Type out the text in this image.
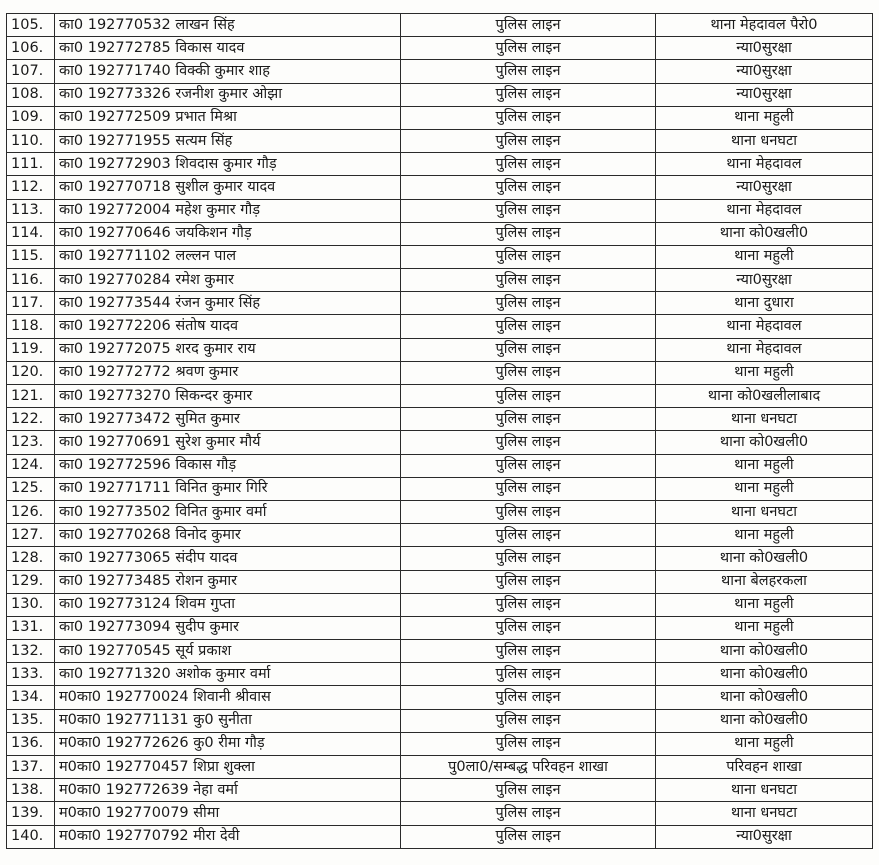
105.	का0 192770532 लाखन सिंह	पुलिस लाइन	थाना मेहदावल पैरो0
106.	का0 192772785 विकास यादव	पुलिस लाइन	न्या0सुरक्षा
107.	का0 192771740 विक्की कुमार शाह	पुलिस लाइन	न्या0सुरक्षा
108.	का0 192773326 रजनीश कुमार ओझा	पुलिस लाइन	न्या0सुरक्षा
109.	का0 192772509 प्रभात मिश्रा	पुलिस लाइन	थाना महुली
110.	का0 192771955 सत्यम सिंह	पुलिस लाइन	थाना धनघटा
111.	का0 192772903 शिवदास कुमार गौड़	पुलिस लाइन	थाना मेहदावल
112.	का0 192770718 सुशील कुमार यादव	पुलिस लाइन	न्या0सुरक्षा
113.	का0 192772004 महेश कुमार गौड़	पुलिस लाइन	थाना मेहदावल
114.	का0 192770646 जयकिशन गौड़	पुलिस लाइन	थाना को0खली0
115.	का0 192771102 लल्लन पाल	पुलिस लाइन	थाना महुली
116.	का0 192770284 रमेश कुमार	पुलिस लाइन	न्या0सुरक्षा
117.	का0 192773544 रंजन कुमार सिंह	पुलिस लाइन	थाना दुधारा
118.	का0 192772206 संतोष यादव	पुलिस लाइन	थाना मेहदावल
119.	का0 192772075 शरद कुमार राय	पुलिस लाइन	थाना मेहदावल
120.	का0 192772772 श्रवण कुमार	पुलिस लाइन	थाना महुली
121.	का0 192773270 सिकन्दर कुमार	पुलिस लाइन	थाना को0खलीलाबाद
122.	का0 192773472 सुमित कुमार	पुलिस लाइन	थाना धनघटा
123.	का0 192770691 सुरेश कुमार मौर्य	पुलिस लाइन	थाना को0खली0
124.	का0 192772596 विकास गौड़	पुलिस लाइन	थाना महुली
125.	का0 192771711 विनित कुमार गिरि	पुलिस लाइन	थाना महुली
126.	का0 192773502 विनित कुमार वर्मा	पुलिस लाइन	थाना धनघटा
127.	का0 192770268 विनोद कुमार	पुलिस लाइन	थाना महुली
128.	का0 192773065 संदीप यादव	पुलिस लाइन	थाना को0खली0
129.	का0 192773485 रोशन कुमार	पुलिस लाइन	थाना बेलहरकला
130.	का0 192773124 शिवम गुप्ता	पुलिस लाइन	थाना महुली
131.	का0 192773094 सुदीप कुमार	पुलिस लाइन	थाना महुली
132.	का0 192770545 सूर्य प्रकाश	पुलिस लाइन	थाना को0खली0
133.	का0 192771320 अशोक कुमार वर्मा	पुलिस लाइन	थाना को0खली0
134.	म0का0 192770024 शिवानी श्रीवास	पुलिस लाइन	थाना को0खली0
135.	म0का0 192771131 कु0 सुनीता	पुलिस लाइन	थाना को0खली0
136.	म0का0 192772626 कु0 रीमा गौड़	पुलिस लाइन	थाना महुली
137.	म0का0 192770457 शिप्रा शुक्ला	पु0ला0/सम्बद्ध परिवहन शाखा	परिवहन शाखा
138.	म0का0 192772639 नेहा वर्मा	पुलिस लाइन	थाना धनघटा
139.	म0का0 192770079 सीमा	पुलिस लाइन	थाना धनघटा
140.	म0का0 192770792 मीरा देवी	पुलिस लाइन	न्या0सुरक्षा
